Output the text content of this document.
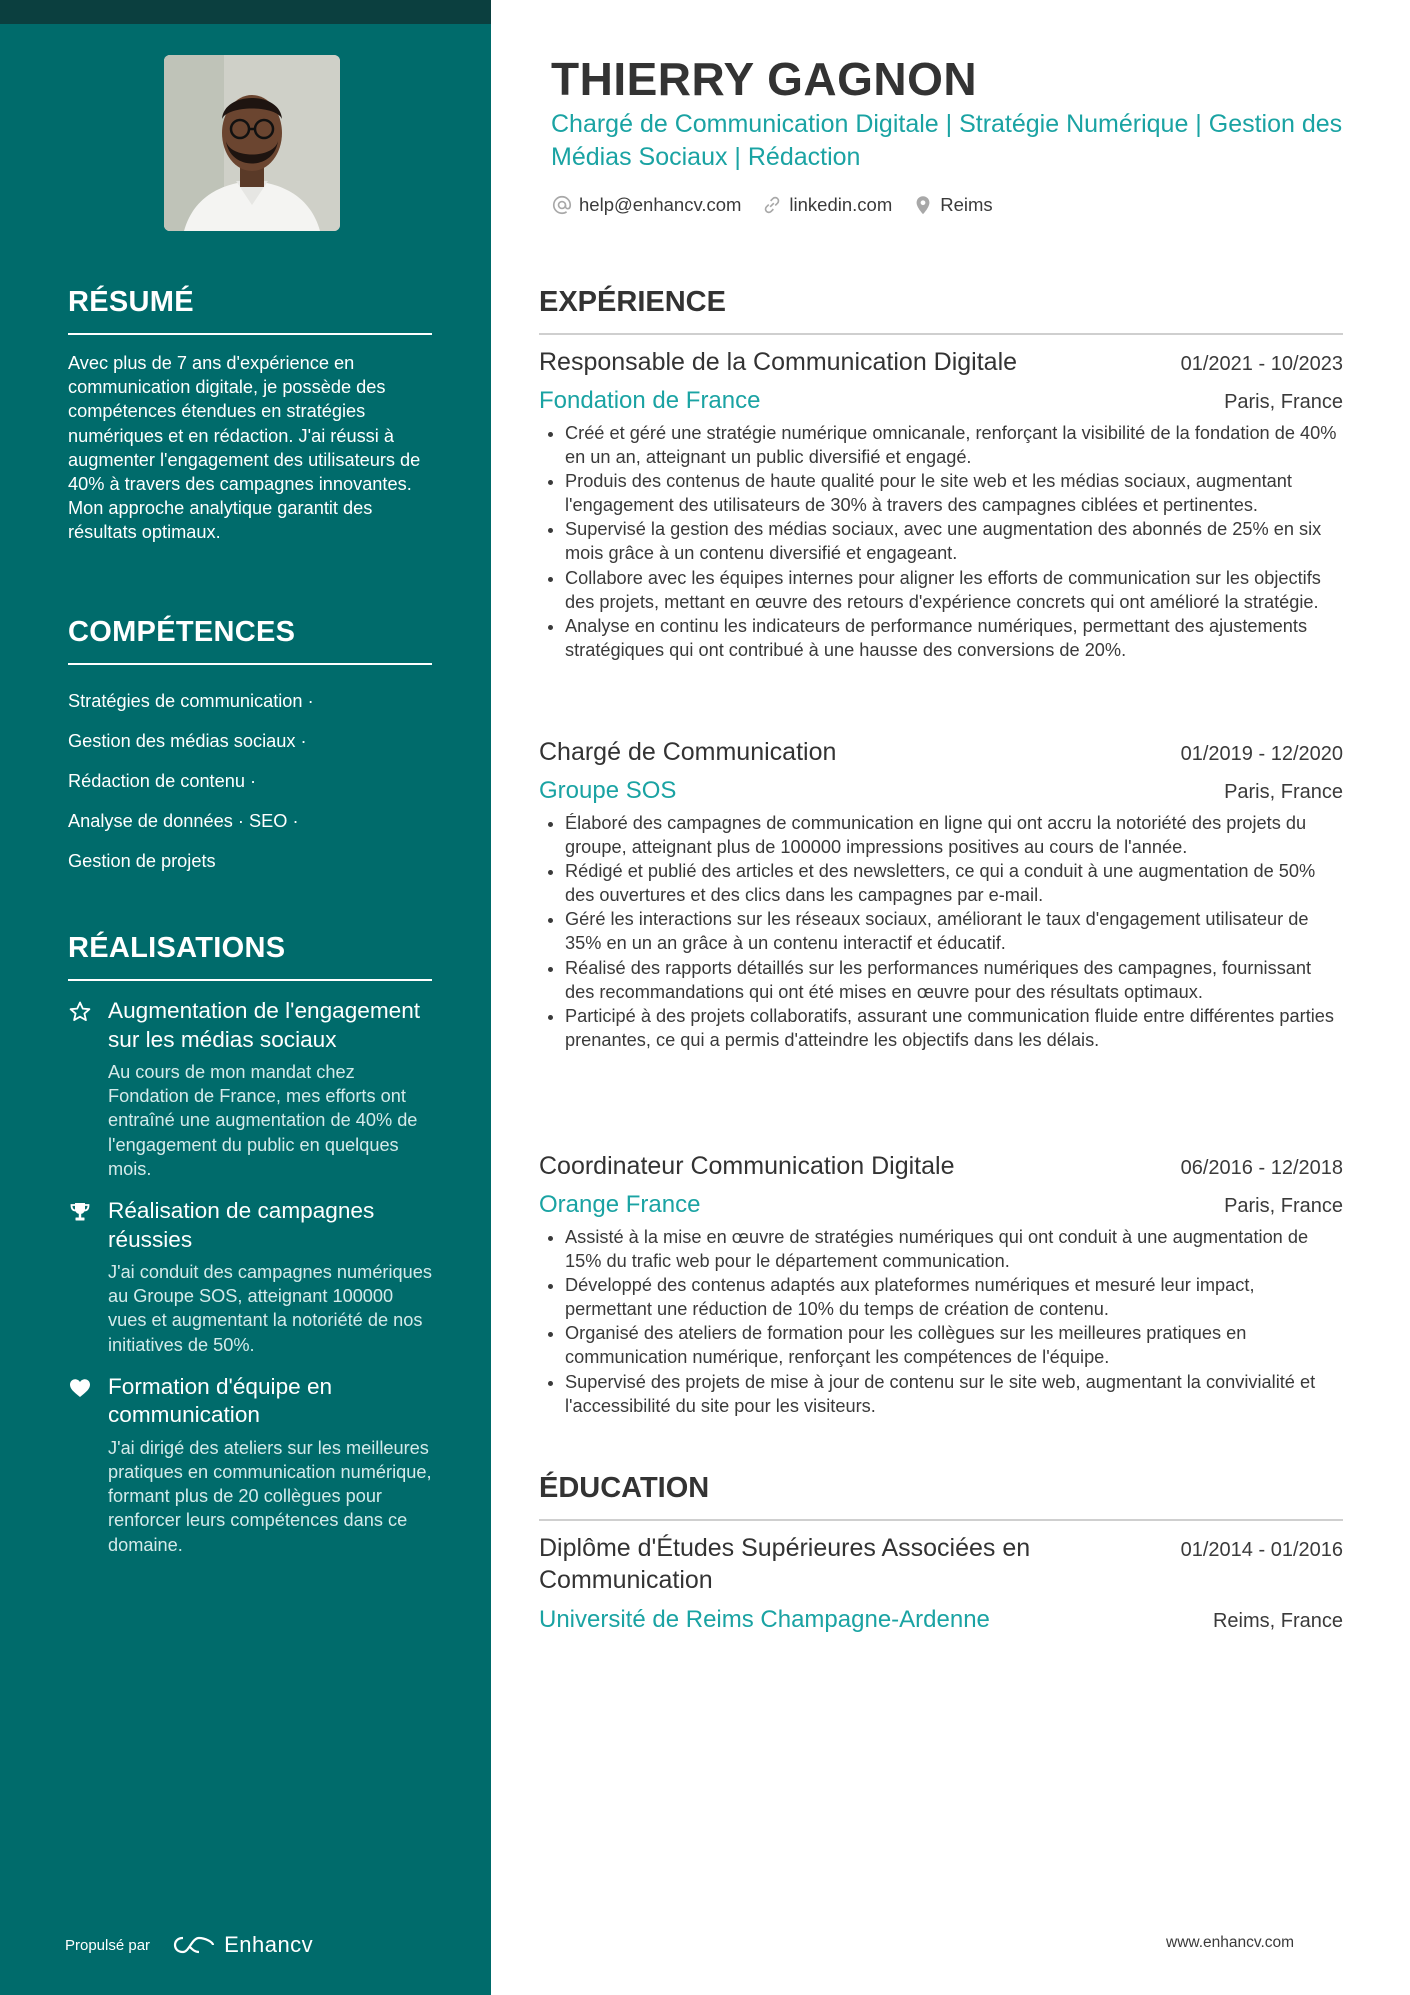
RÉSUMÉ
Avec plus de 7 ans d'expérience en communication digitale, je possède des compétences étendues en stratégies numériques et en rédaction. J'ai réussi à augmenter l'engagement des utilisateurs de 40% à travers des campagnes innovantes. Mon approche analytique garantit des résultats optimaux.
COMPÉTENCES
Stratégies de communication ·
Gestion des médias sociaux ·
Rédaction de contenu ·
Analyse de données · SEO ·
Gestion de projets
RÉALISATIONS
Augmentation de l'engagement sur les médias sociaux
Au cours de mon mandat chez Fondation de France, mes efforts ont entraîné une augmentation de 40% de l'engagement du public en quelques mois.
Réalisation de campagnes réussies
J'ai conduit des campagnes numériques au Groupe SOS, atteignant 100000 vues et augmentant la notoriété de nos initiatives de 50%.
Formation d'équipe en communication
J'ai dirigé des ateliers sur les meilleures pratiques en communication numérique, formant plus de 20 collègues pour renforcer leurs compétences dans ce domaine.
Propulsé par	Enhancv
THIERRY GAGNON
Chargé de Communication Digitale | Stratégie Numérique | Gestion des Médias Sociaux | Rédaction
help@enhancv.com	linkedin.com	Reims
EXPÉRIENCE
Responsable de la Communication Digitale	01/2021 - 10/2023
Fondation de France	Paris, France
• Créé et géré une stratégie numérique omnicanale, renforçant la visibilité de la fondation de 40% en un an, atteignant un public diversifié et engagé.
• Produis des contenus de haute qualité pour le site web et les médias sociaux, augmentant l'engagement des utilisateurs de 30% à travers des campagnes ciblées et pertinentes.
• Supervisé la gestion des médias sociaux, avec une augmentation des abonnés de 25% en six mois grâce à un contenu diversifié et engageant.
• Collabore avec les équipes internes pour aligner les efforts de communication sur les objectifs des projets, mettant en œuvre des retours d'expérience concrets qui ont amélioré la stratégie.
• Analyse en continu les indicateurs de performance numériques, permettant des ajustements stratégiques qui ont contribué à une hausse des conversions de 20%.
Chargé de Communication	01/2019 - 12/2020
Groupe SOS	Paris, France
• Élaboré des campagnes de communication en ligne qui ont accru la notoriété des projets du groupe, atteignant plus de 100000 impressions positives au cours de l'année.
• Rédigé et publié des articles et des newsletters, ce qui a conduit à une augmentation de 50% des ouvertures et des clics dans les campagnes par e-mail.
• Géré les interactions sur les réseaux sociaux, améliorant le taux d'engagement utilisateur de 35% en un an grâce à un contenu interactif et éducatif.
• Réalisé des rapports détaillés sur les performances numériques des campagnes, fournissant des recommandations qui ont été mises en œuvre pour des résultats optimaux.
• Participé à des projets collaboratifs, assurant une communication fluide entre différentes parties prenantes, ce qui a permis d'atteindre les objectifs dans les délais.
Coordinateur Communication Digitale	06/2016 - 12/2018
Orange France	Paris, France
• Assisté à la mise en œuvre de stratégies numériques qui ont conduit à une augmentation de 15% du trafic web pour le département communication.
• Développé des contenus adaptés aux plateformes numériques et mesuré leur impact, permettant une réduction de 10% du temps de création de contenu.
• Organisé des ateliers de formation pour les collègues sur les meilleures pratiques en communication numérique, renforçant les compétences de l'équipe.
• Supervisé des projets de mise à jour de contenu sur le site web, augmentant la convivialité et l'accessibilité du site pour les visiteurs.
ÉDUCATION
Diplôme d'Études Supérieures Associées en Communication
01/2014 - 01/2016
Université de Reims Champagne-Ardenne	Reims, France
www.enhancv.com
